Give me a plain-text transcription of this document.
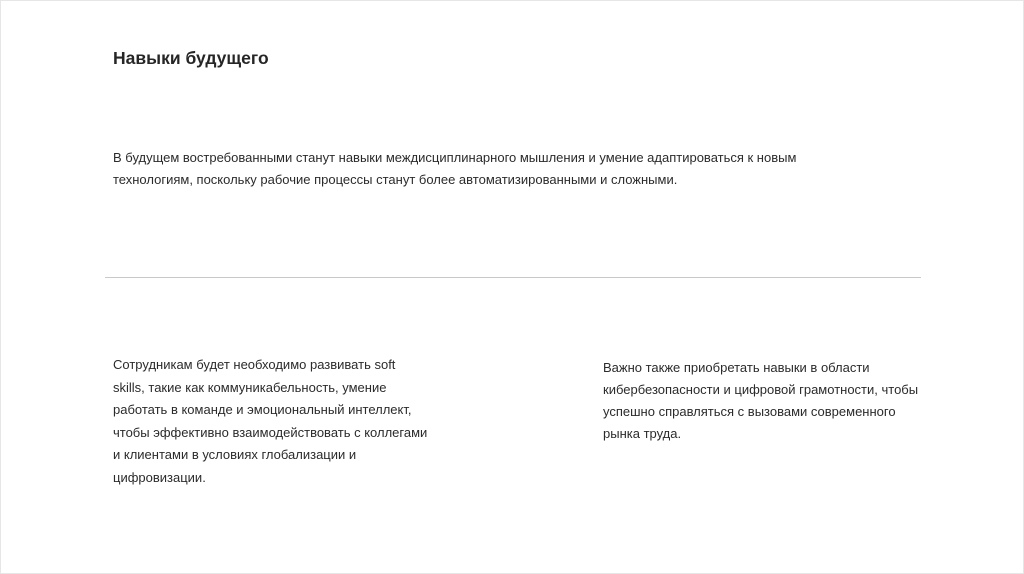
Навыки будущего

В будущем востребованными станут навыки междисциплинарного мышления и умение адаптироваться к новым
технологиям, поскольку рабочие процессы станут более автоматизированными и сложными.

Сотрудникам будет необходимо развивать soft
skills, такие как коммуникабельность, умение
работать в команде и эмоциональный интеллект,
чтобы эффективно взаимодействовать с коллегами
и клиентами в условиях глобализации и
цифровизации.

Важно также приобретать навыки в области
кибербезопасности и цифровой грамотности, чтобы
успешно справляться с вызовами современного
рынка труда.
